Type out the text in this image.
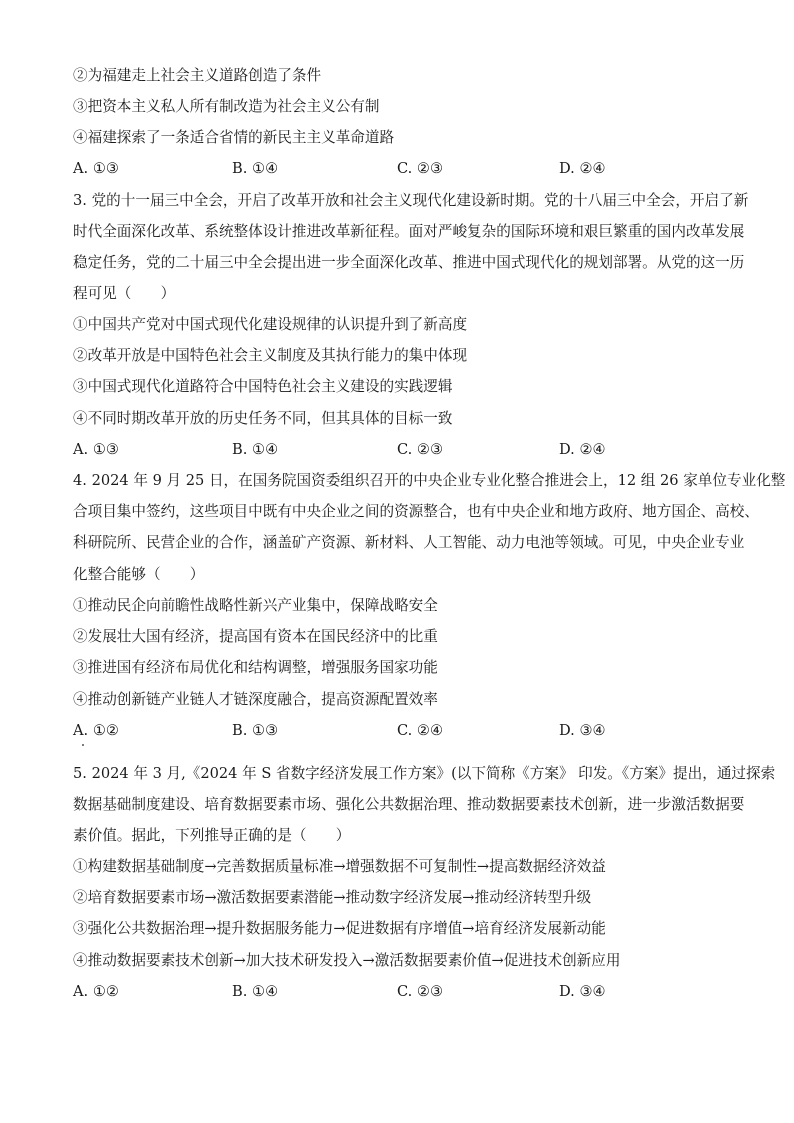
②为福建走上社会主义道路创造了条件
③把资本主义私人所有制改造为社会主义公有制
④福建探索了一条适合省情的新民主主义革命道路
A. ①③	B. ①④	C. ②③	D. ②④
3. 党的十一届三中全会，开启了改革开放和社会主义现代化建设新时期。党的十八届三中全会，开启了新
时代全面深化改革、系统整体设计推进改革新征程。面对严峻复杂的国际环境和艰巨繁重的国内改革发展
稳定任务，党的二十届三中全会提出进一步全面深化改革、推进中国式现代化的规划部署。从党的这一历
程可见（　　）
①中国共产党对中国式现代化建设规律的认识提升到了新高度
②改革开放是中国特色社会主义制度及其执行能力的集中体现
③中国式现代化道路符合中国特色社会主义建设的实践逻辑
④不同时期改革开放的历史任务不同，但其具体的目标一致
A. ①③	B. ①④	C. ②③	D. ②④
4. 2024 年 9 月 25 日，在国务院国资委组织召开的中央企业专业化整合推进会上，12 组 26 家单位专业化整
合项目集中签约，这些项目中既有中央企业之间的资源整合，也有中央企业和地方政府、地方国企、高校、
科研院所、民营企业的合作，涵盖矿产资源、新材料、人工智能、动力电池等领域。可见，中央企业专业
化整合能够（　　）
①推动民企向前瞻性战略性新兴产业集中，保障战略安全
②发展壮大国有经济，提高国有资本在国民经济中的比重
③推进国有经济布局优化和结构调整，增强服务国家功能
④推动创新链产业链人才链深度融合，提高资源配置效率
A. ①②	B. ①③	C. ②④	D. ③④
5. 2024 年 3 月,《2024 年 S 省数字经济发展工作方案》(以下简称《方案》 印发。《方案》提出，通过探索
数据基础制度建设、培育数据要素市场、强化公共数据治理、推动数据要素技术创新，进一步激活数据要
素价值。据此，下列推导正确的是（　　）
①构建数据基础制度→完善数据质量标准→增强数据不可复制性→提高数据经济效益
②培育数据要素市场→激活数据要素潜能→推动数字经济发展→推动经济转型升级
③强化公共数据治理→提升数据服务能力→促进数据有序增值→培育经济发展新动能
④推动数据要素技术创新→加大技术研发投入→激活数据要素价值→促进技术创新应用
A. ①②	B. ①④	C. ②③	D. ③④
